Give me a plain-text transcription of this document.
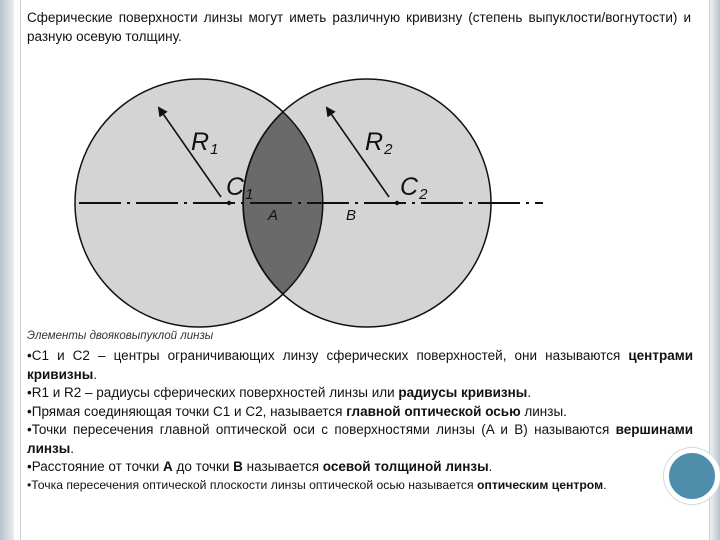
Сферические поверхности линзы могут иметь различную кривизну (степень выпуклости/вогнутости) и разную осевую толщину.
R1	R2
C1	C2
A	B
Элементы двояковыпуклой линзы
•C1 и C2 – центры ограничивающих линзу сферических поверхностей, они называются центрами кривизны.
•R1 и R2 – радиусы сферических поверхностей линзы или радиусы кривизны.
•Прямая соединяющая точки C1 и C2, называется главной оптической осью линзы.
•Точки пересечения главной оптической оси с поверхностями линзы (A и B) называются вершинами линзы.
•Расстояние от точки A до точки B называется осевой толщиной линзы.
•Точка пересечения оптической плоскости линзы оптической осью называется оптическим центром.
